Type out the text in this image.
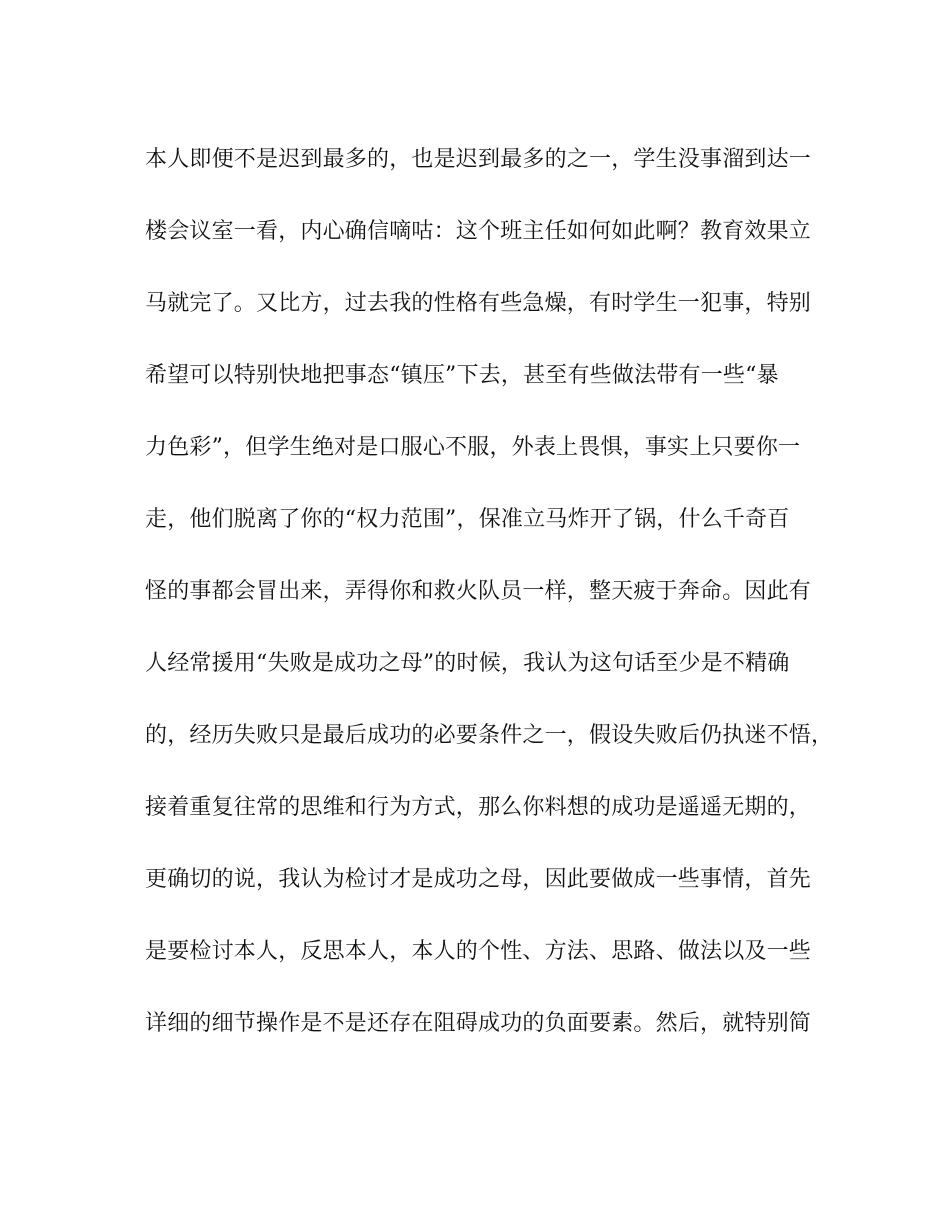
本人即便不是迟到最多的，也是迟到最多的之一，学生没事溜到达一
楼会议室一看，内心确信嘀咕：这个班主任如何如此啊？教育效果立
马就完了。又比方，过去我的性格有些急燥，有时学生一犯事，特别
希望可以特别快地把事态“镇压”下去，甚至有些做法带有一些“暴
力色彩”，但学生绝对是口服心不服，外表上畏惧，事实上只要你一
走，他们脱离了你的“权力范围”，保准立马炸开了锅，什么千奇百
怪的事都会冒出来，弄得你和救火队员一样，整天疲于奔命。因此有
人经常援用“失败是成功之母”的时候，我认为这句话至少是不精确
的，经历失败只是最后成功的必要条件之一，假设失败后仍执迷不悟，
接着重复往常的思维和行为方式，那么你料想的成功是遥遥无期的，
更确切的说，我认为检讨才是成功之母，因此要做成一些事情，首先
是要检讨本人，反思本人，本人的个性、方法、思路、做法以及一些
详细的细节操作是不是还存在阻碍成功的负面要素。然后，就特别简
